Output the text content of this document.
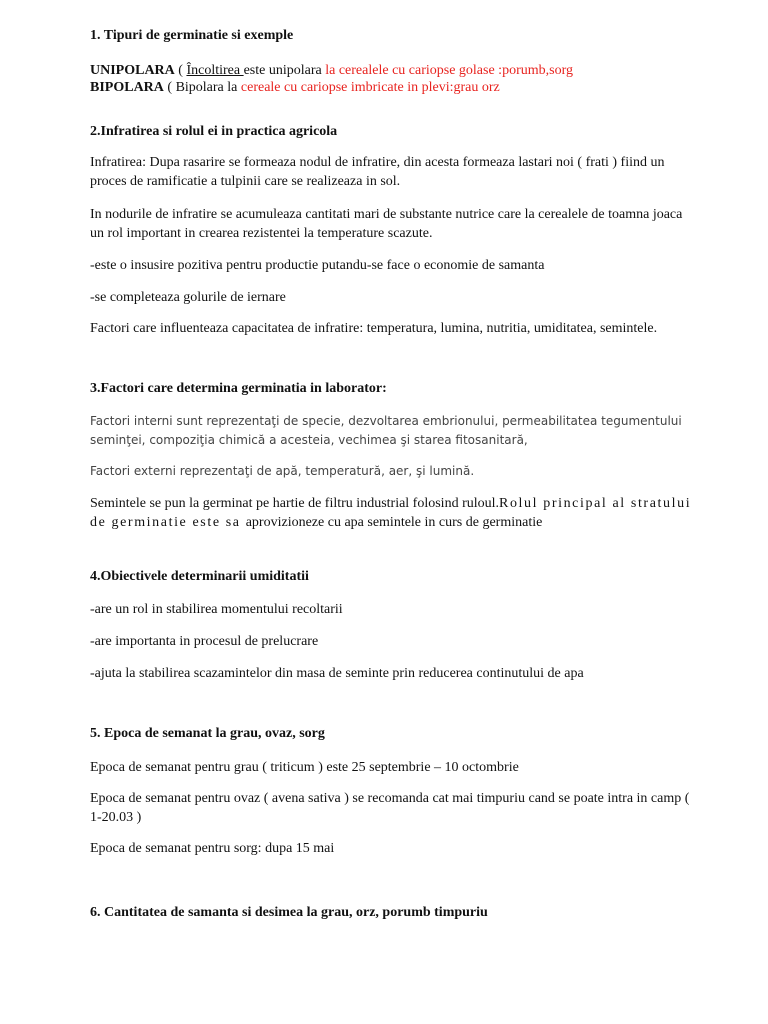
1. Tipuri de germinatie si exemple
UNIPOLARA ( Încoltirea este unipolara la cerealele cu cariopse golase :porumb,sorg
BIPOLARA ( Bipolara la cereale cu cariopse imbricate in plevi:grau orz
2.Infratirea si rolul ei in practica agricola
Infratirea: Dupa rasarire se formeaza nodul de infratire, din acesta formeaza lastari noi ( frati ) fiind un proces de ramificatie a tulpinii care se realizeaza in sol.
In nodurile de infratire se acumuleaza cantitati mari de substante nutrice care la cerealele de toamna joaca un rol important in crearea rezistentei la temperature scazute.
-este o insusire pozitiva pentru productie putandu-se face o economie de samanta
-se completeaza golurile de iernare
Factori care influenteaza capacitatea de infratire: temperatura, lumina, nutritia, umiditatea, semintele.
3.Factori care determina germinatia in laborator:
Factori interni sunt reprezentaţi de specie, dezvoltarea embrionului, permeabilitatea tegumentului seminţei, compoziţia chimică a acesteia, vechimea şi starea fitosanitară,
Factori externi reprezentaţi de apă, temperatură, aer, şi lumină.
Semintele se pun la germinat pe hartie de filtru industrial folosind ruloul.Rolul principal al stratului de germinatie este sa aprovizioneze cu apa semintele in curs de germinatie
4.Obiectivele determinarii umiditatii
-are un rol in stabilirea momentului recoltarii
-are importanta in procesul de prelucrare
-ajuta la stabilirea scazamintelor din masa de seminte prin reducerea continutului de apa
5. Epoca de semanat la grau, ovaz, sorg
Epoca de semanat pentru grau ( triticum ) este 25 septembrie – 10 octombrie
Epoca de semanat pentru ovaz ( avena sativa ) se recomanda cat mai timpuriu cand se poate intra in camp ( 1-20.03 )
Epoca de semanat pentru sorg: dupa 15 mai
6. Cantitatea de samanta si desimea la grau, orz, porumb timpuriu
